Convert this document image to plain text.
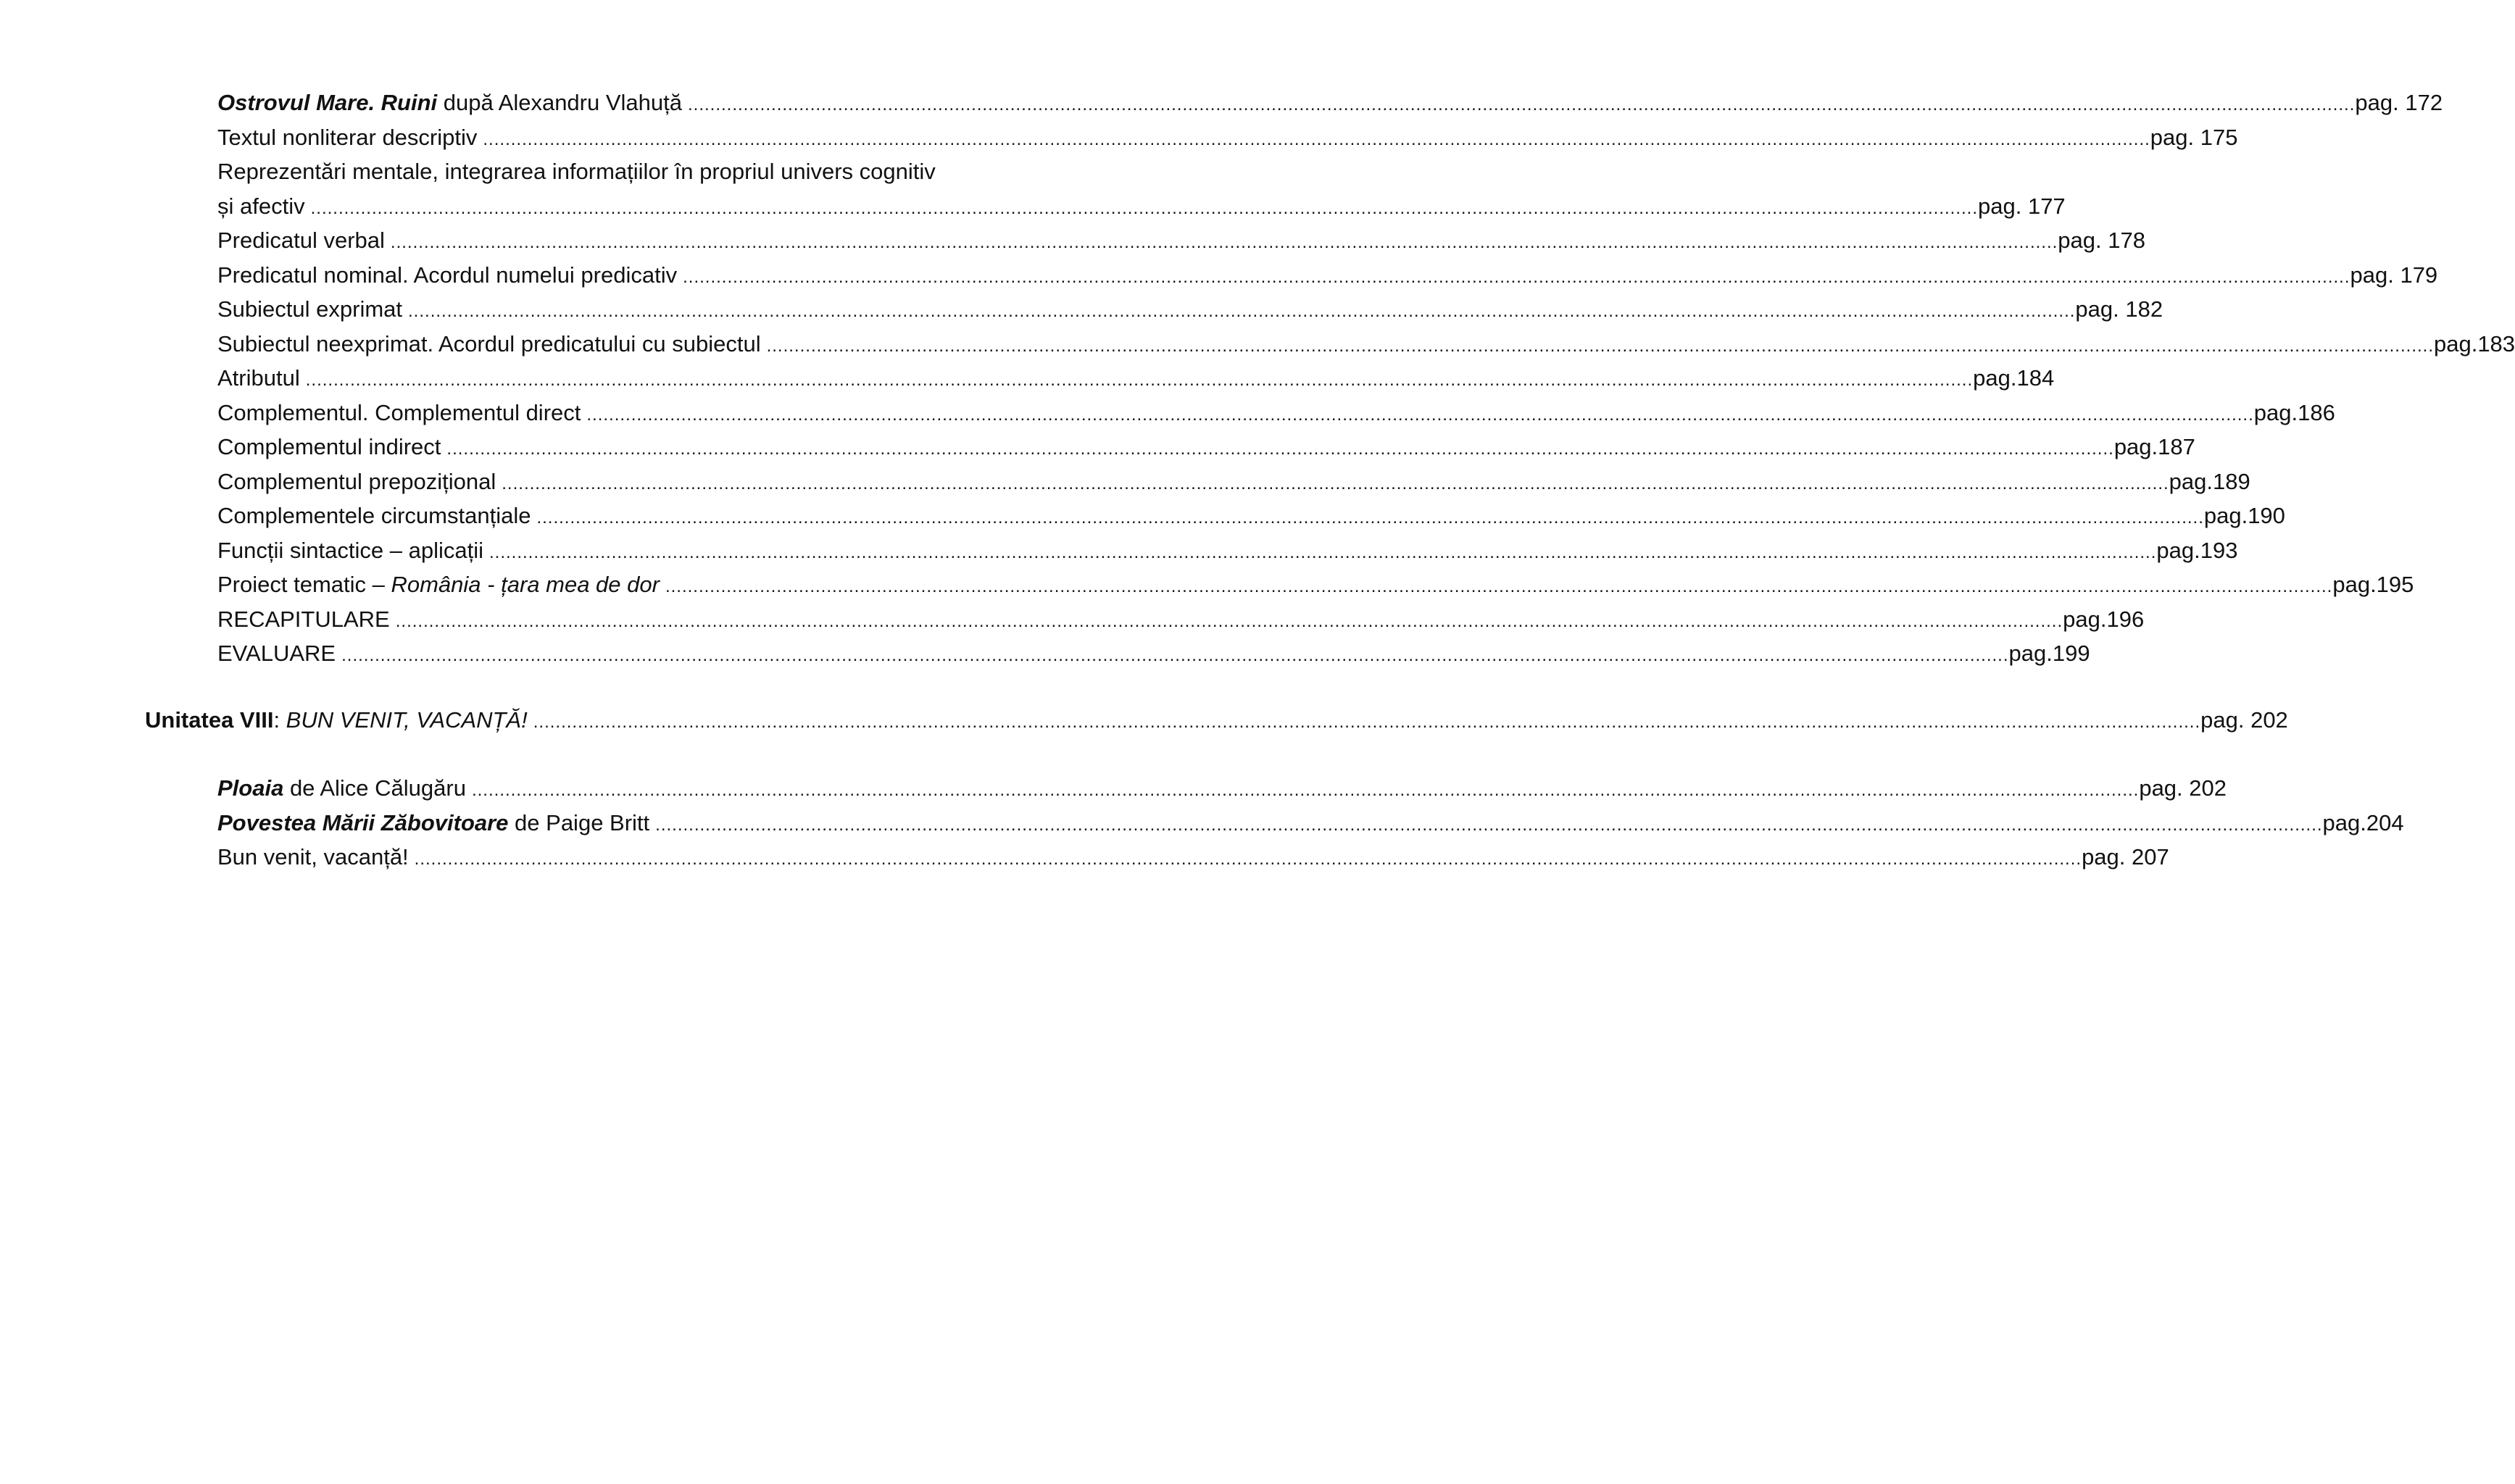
Ostrovul Mare. Ruini după Alexandru Vlahuță ............................................................................................................................................................................................................................................................................................................ pag. 172
Textul nonliterar descriptiv ............................................................................................................................................................................................................................................................................................................ pag. 175
Reprezentări mentale, integrarea informațiilor în propriul univers cognitiv
și afectiv ............................................................................................................................................................................................................................................................................................................ pag. 177
Predicatul verbal ............................................................................................................................................................................................................................................................................................................ pag. 178
Predicatul nominal. Acordul numelui predicativ ............................................................................................................................................................................................................................................................................................................ pag. 179
Subiectul exprimat ............................................................................................................................................................................................................................................................................................................ pag. 182
Subiectul neexprimat. Acordul predicatului cu subiectul ............................................................................................................................................................................................................................................................................................................ pag.183
Atributul ............................................................................................................................................................................................................................................................................................................ pag.184
Complementul. Complementul direct ............................................................................................................................................................................................................................................................................................................ pag.186
Complementul indirect ............................................................................................................................................................................................................................................................................................................ pag.187
Complementul prepozițional ............................................................................................................................................................................................................................................................................................................ pag.189
Complementele circumstanțiale ............................................................................................................................................................................................................................................................................................................ pag.190
Funcții sintactice – aplicații ............................................................................................................................................................................................................................................................................................................ pag.193
Proiect tematic – România - țara mea de dor ............................................................................................................................................................................................................................................................................................................ pag.195
RECAPITULARE ............................................................................................................................................................................................................................................................................................................ pag.196
EVALUARE ............................................................................................................................................................................................................................................................................................................ pag.199
Unitatea VIII: BUN VENIT, VACANȚĂ! ............................................................................................................................................................................................................................................................................................................ pag. 202
Ploaia de Alice Călugăru ............................................................................................................................................................................................................................................................................................................ pag. 202
Povestea Mării Zăbovitoare de Paige Britt ............................................................................................................................................................................................................................................................................................................ pag.204
Bun venit, vacanță! ............................................................................................................................................................................................................................................................................................................ pag. 207
